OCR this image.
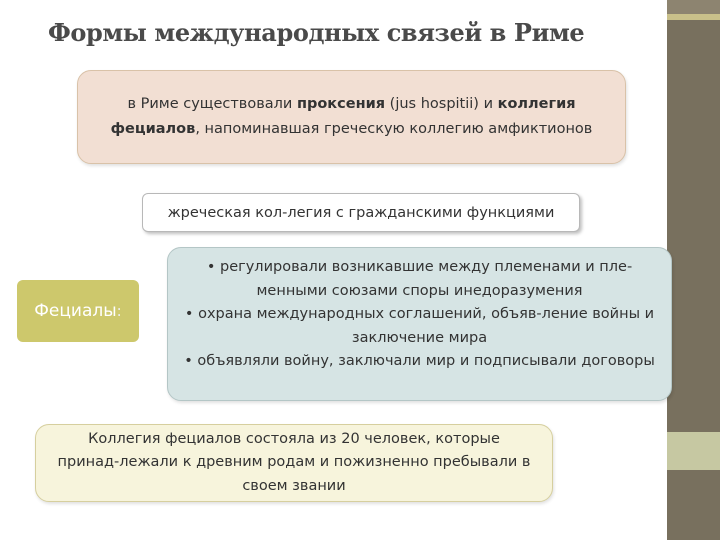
Формы международных связей в Риме
в Риме существовали проксения (jus hospitii) и коллегия фециалов, напоминавшая греческую коллегию амфиктионов
жреческая кол-легия с гражданскими функциями
Фециалы :
• регулировали возникавшие между племенами и пле-менными союзами споры инедоразумения
• охрана международных соглашений, объяв-ление войны и заключение мира
• объявляли войну, заключали мир и подписывали договоры
Коллегия фециалов состояла из 20 человек, которые принад-лежали к древним родам и пожизненно пребывали в своем звании
